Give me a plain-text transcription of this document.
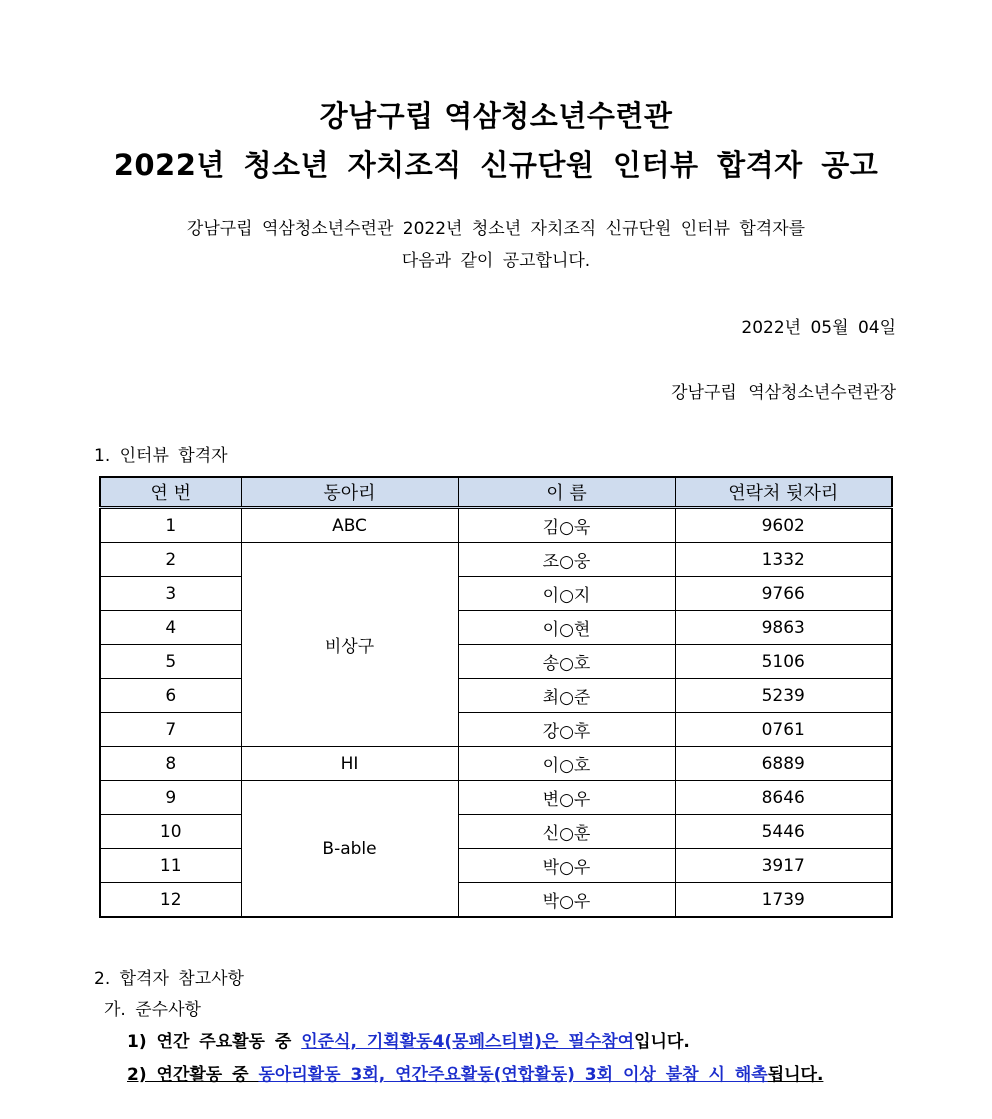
강남구립 역삼청소년수련관
2022년 청소년 자치조직 신규단원 인터뷰 합격자 공고
강남구립 역삼청소년수련관 2022년 청소년 자치조직 신규단원 인터뷰 합격자를
다음과 같이 공고합니다.
2022년 05월 04일
강남구립 역삼청소년수련관장
1. 인터뷰 합격자
연 번	동아리	이 름	연락처 뒷자리
1	ABC	김○욱	9602
2	비상구	조○웅	1332
3		이○지	9766
4		이○현	9863
5		송○호	5106
6		최○준	5239
7		강○후	0761
8	HI	이○호	6889
9	B-able	변○우	8646
10		신○훈	5446
11		박○우	3917
12		박○우	1739
2. 합격자 참고사항
가. 준수사항
1) 연간 주요활동 중 인준식, 기획활동4(몽페스티벌)은 필수참여입니다.
2) 연간활동 중 동아리활동 3회, 연간주요활동(연합활동) 3회 이상 불참 시 해촉됩니다.
